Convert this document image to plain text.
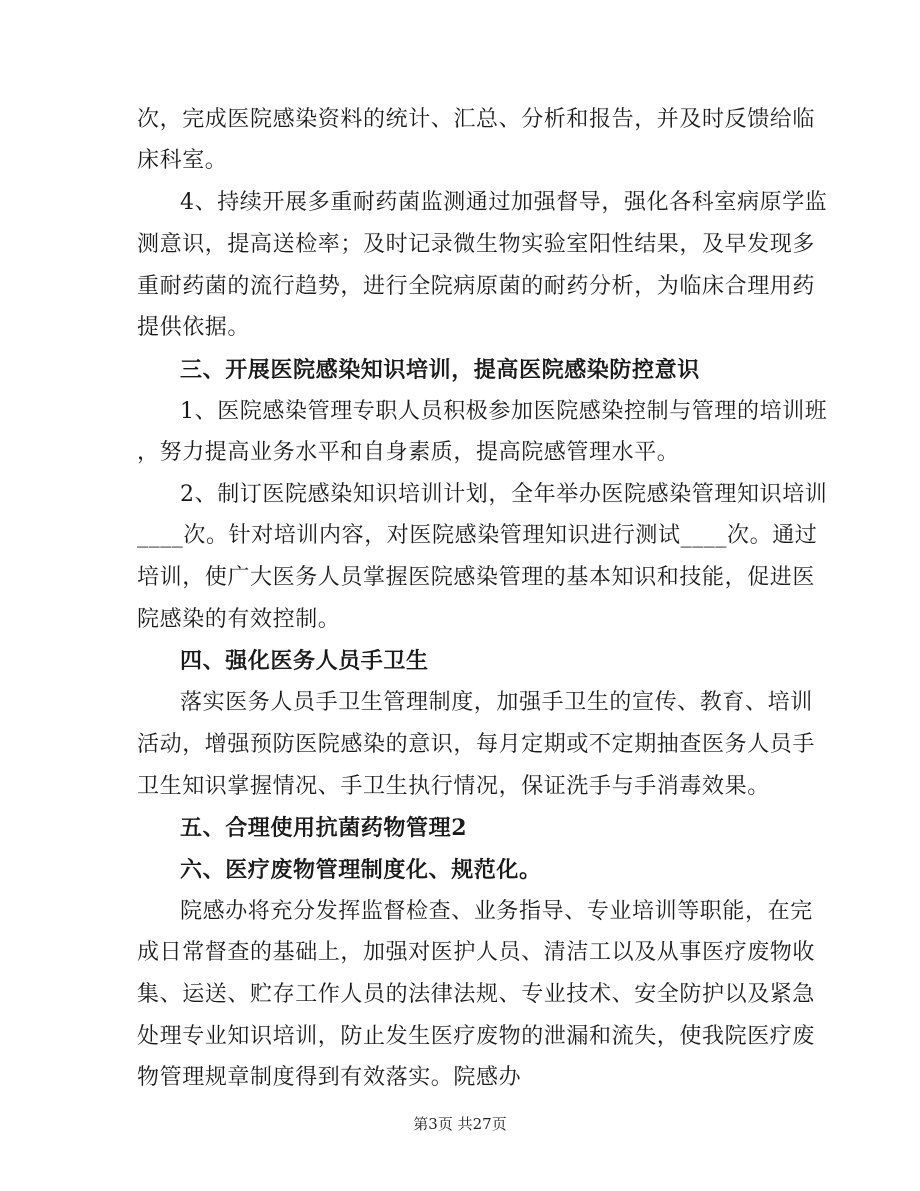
次，完成医院感染资料的统计、汇总、分析和报告，并及时反馈给临
床科室。
4、持续开展多重耐药菌监测通过加强督导，强化各科室病原学监
测意识，提高送检率；及时记录微生物实验室阳性结果，及早发现多
重耐药菌的流行趋势，进行全院病原菌的耐药分析，为临床合理用药
提供依据。
三、开展医院感染知识培训，提高医院感染防控意识
1、医院感染管理专职人员积极参加医院感染控制与管理的培训班
，努力提高业务水平和自身素质，提高院感管理水平。
2、制订医院感染知识培训计划，全年举办医院感染管理知识培训
____次。针对培训内容，对医院感染管理知识进行测试____次。通过
培训，使广大医务人员掌握医院感染管理的基本知识和技能，促进医
院感染的有效控制。
四、强化医务人员手卫生
落实医务人员手卫生管理制度，加强手卫生的宣传、教育、培训
活动，增强预防医院感染的意识，每月定期或不定期抽查医务人员手
卫生知识掌握情况、手卫生执行情况，保证洗手与手消毒效果。
五、合理使用抗菌药物管理2
六、医疗废物管理制度化、规范化。
院感办将充分发挥监督检查、业务指导、专业培训等职能，在完
成日常督查的基础上，加强对医护人员、清洁工以及从事医疗废物收
集、运送、贮存工作人员的法律法规、专业技术、安全防护以及紧急
处理专业知识培训，防止发生医疗废物的泄漏和流失，使我院医疗废
物管理规章制度得到有效落实。院感办
第3页 共27页
